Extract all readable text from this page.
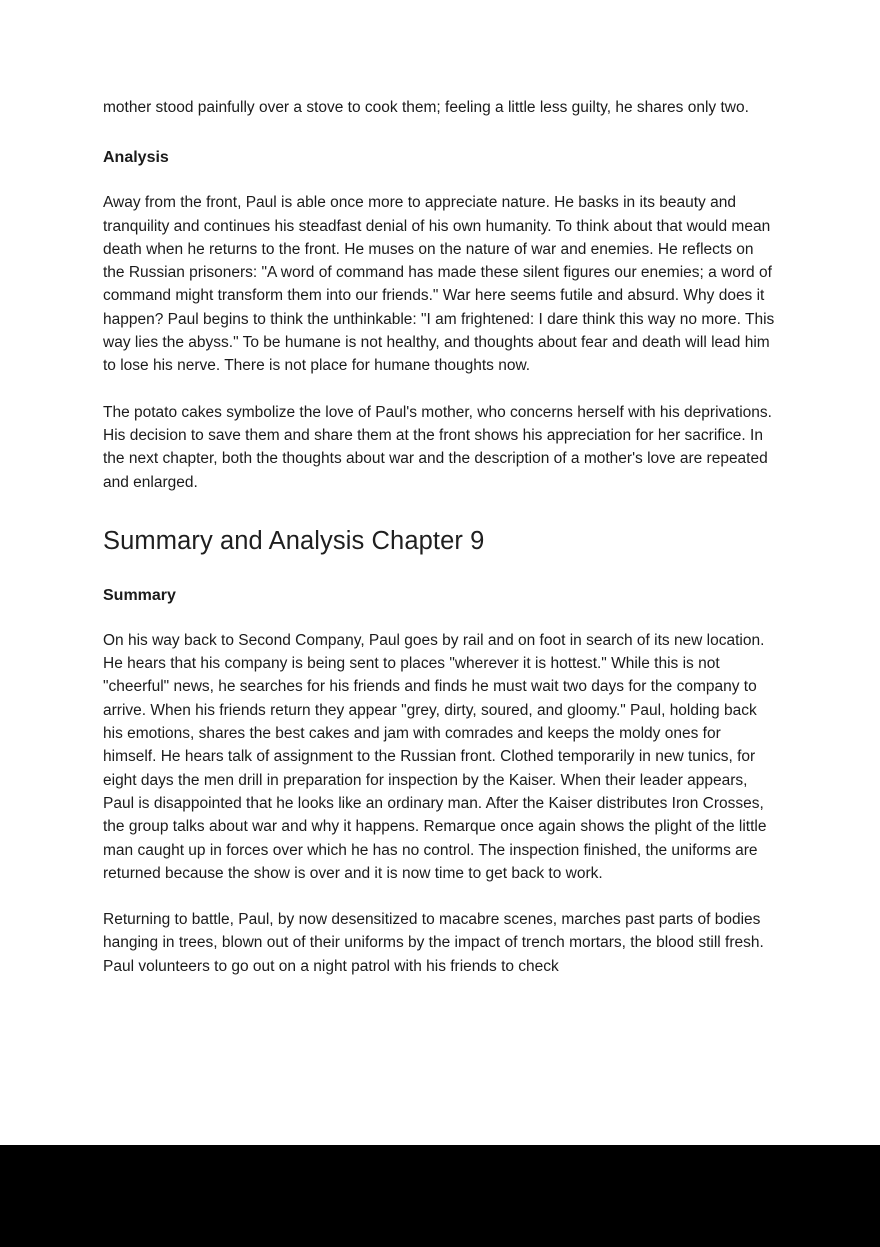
mother stood painfully over a stove to cook them; feeling a little less guilty, he shares only two.

Analysis

Away from the front, Paul is able once more to appreciate nature. He basks in its beauty and tranquility and continues his steadfast denial of his own humanity. To think about that would mean death when he returns to the front. He muses on the nature of war and enemies. He reflects on the Russian prisoners: "A word of command has made these silent figures our enemies; a word of command might transform them into our friends." War here seems futile and absurd. Why does it happen? Paul begins to think the unthinkable: "I am frightened: I dare think this way no more. This way lies the abyss." To be humane is not healthy, and thoughts about fear and death will lead him to lose his nerve. There is not place for humane thoughts now.

The potato cakes symbolize the love of Paul's mother, who concerns herself with his deprivations. His decision to save them and share them at the front shows his appreciation for her sacrifice. In the next chapter, both the thoughts about war and the description of a mother's love are repeated and enlarged.

Summary and Analysis Chapter 9
Summary

On his way back to Second Company, Paul goes by rail and on foot in search of its new location. He hears that his company is being sent to places "wherever it is hottest." While this is not "cheerful" news, he searches for his friends and finds he must wait two days for the company to arrive. When his friends return they appear "grey, dirty, soured, and gloomy." Paul, holding back his emotions, shares the best cakes and jam with comrades and keeps the moldy ones for himself. He hears talk of assignment to the Russian front. Clothed temporarily in new tunics, for eight days the men drill in preparation for inspection by the Kaiser. When their leader appears, Paul is disappointed that he looks like an ordinary man. After the Kaiser distributes Iron Crosses, the group talks about war and why it happens. Remarque once again shows the plight of the little man caught up in forces over which he has no control. The inspection finished, the uniforms are returned because the show is over and it is now time to get back to work.

Returning to battle, Paul, by now desensitized to macabre scenes, marches past parts of bodies hanging in trees, blown out of their uniforms by the impact of trench mortars, the blood still fresh. Paul volunteers to go out on a night patrol with his friends to check
